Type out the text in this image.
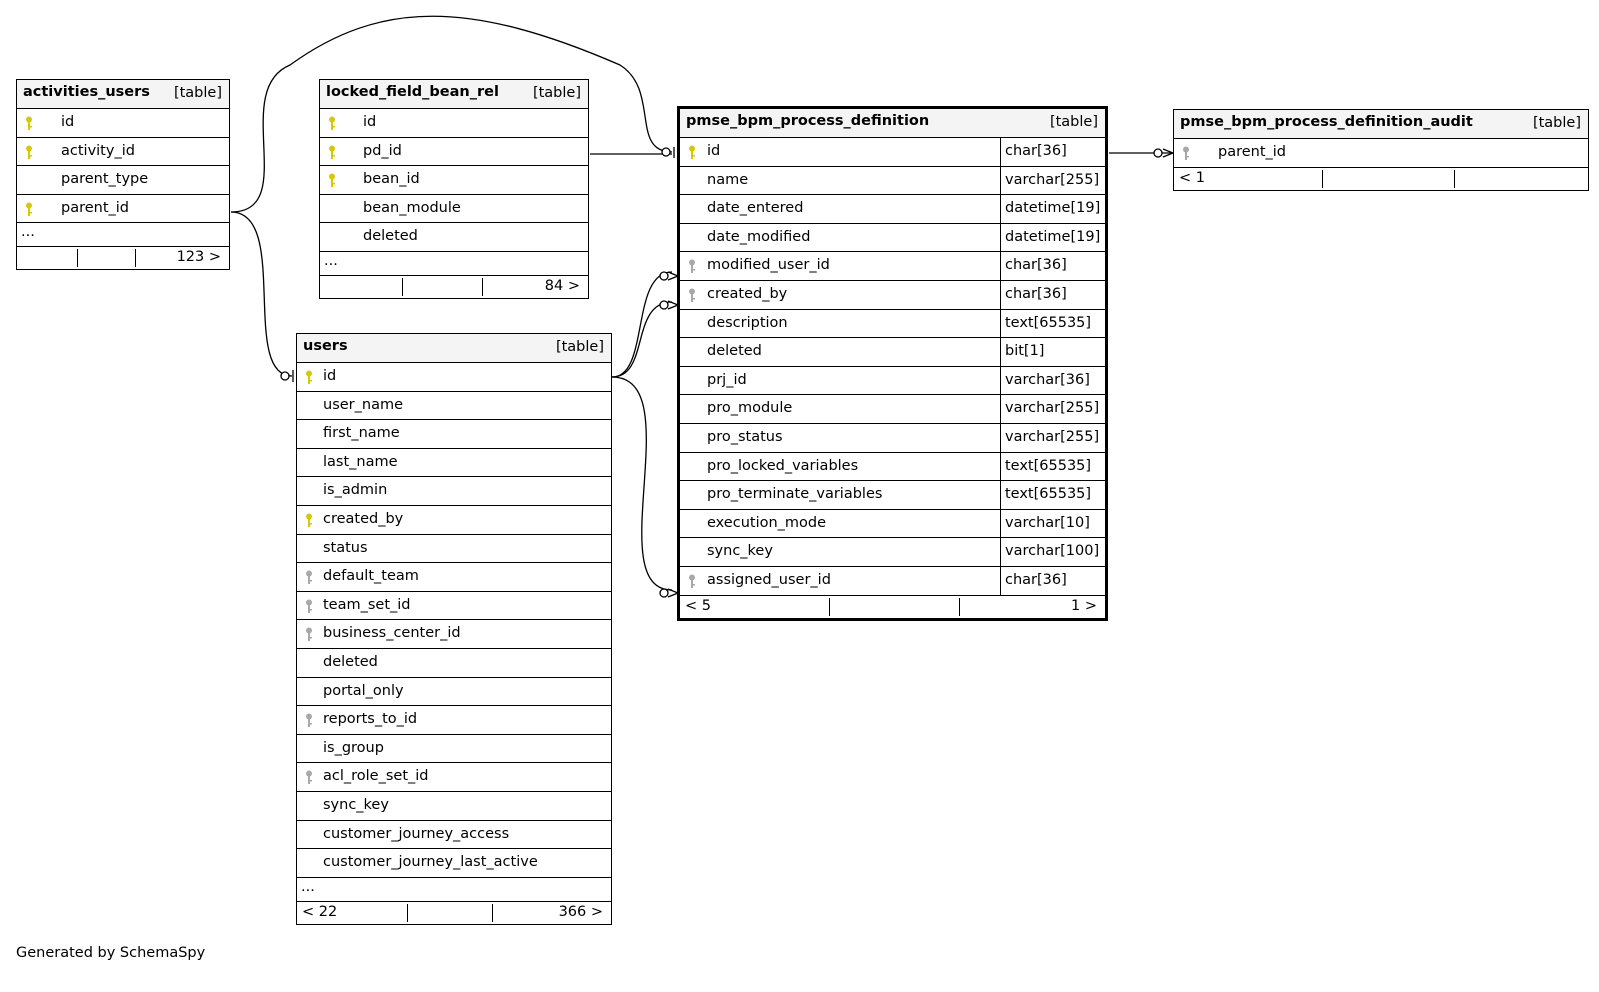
activities_users [table]
id
activity_id
parent_type
parent_id
...
123 >
locked_field_bean_rel [table]
id
pd_id
bean_id
bean_module
deleted
...
84 >
users	[table]
id
user_name
first_name
last_name
is_admin
created_by
status
default_team
team_set_id
business_center_id
deleted
portal_only
reports_to_id
is_group
acl_role_set_id
sync_key
customer_journey_access
customer_journey_last_active
...
< 22	366 >
pmse_bpm_process_definition	[table]
id	char[36]
name	varchar[255]
date_entered	datetime[19]
date_modified	datetime[19]
modified_user_id	char[36]
created_by	char[36]
description	text[65535]
deleted	bit[1]
prj_id	varchar[36]
pro_module	varchar[255]
pro_status	varchar[255]
pro_locked_variables	text[65535]
pro_terminate_variables	text[65535]
execution_mode	varchar[10]
sync_key	varchar[100]
assigned_user_id	char[36]
< 5	1 >
pmse_bpm_process_definition_audit	[table]
parent_id
< 1
Generated by SchemaSpy
